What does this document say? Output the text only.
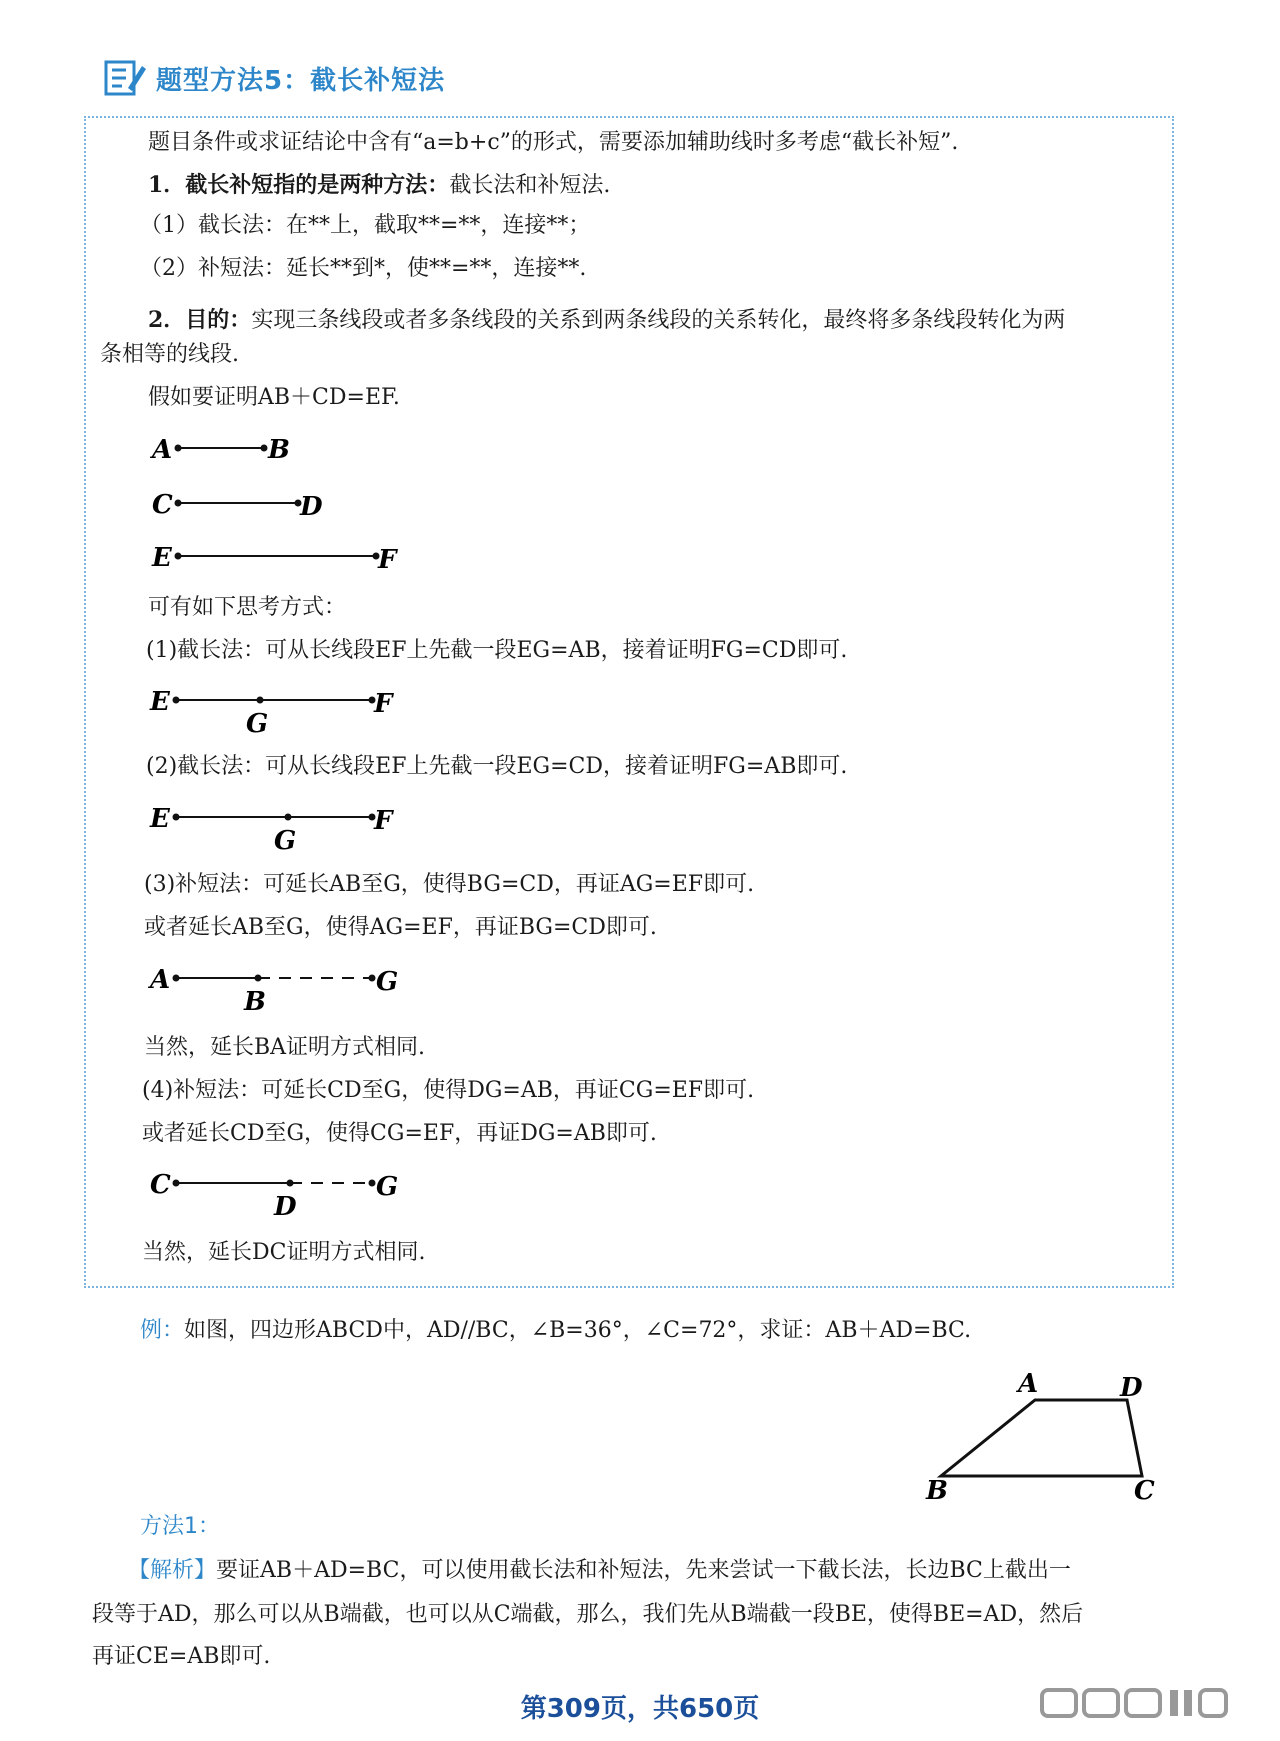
题型方法5：截长补短法
题目条件或求证结论中含有“a=b+c”的形式，需要添加辅助线时多考虑“截长补短”.
1．截长补短指的是两种方法：截长法和补短法.
（1）截长法：在**上，截取**=**，连接**；
（2）补短法：延长**到*，使**=**，连接**.
2．目的：实现三条线段或者多条线段的关系到两条线段的关系转化，最终将多条线段转化为两
条相等的线段.
假如要证明AB＋CD=EF.
A	B
C	D
E	F
可有如下思考方式：
(1)截长法：可从长线段EF上先截一段EG=AB，接着证明FG=CD即可.
E
G
F
(2)截长法：可从长线段EF上先截一段EG=CD，接着证明FG=AB即可.
E
G
F
(3)补短法：可延长AB至G，使得BG=CD，再证AG=EF即可.
或者延长AB至G，使得AG=EF，再证BG=CD即可.
A
B
G
当然，延长BA证明方式相同.
(4)补短法：可延长CD至G，使得DG=AB，再证CG=EF即可.
或者延长CD至G，使得CG=EF，再证DG=AB即可.
C
D
G
当然，延长DC证明方式相同.
例：如图，四边形ABCD中，AD//BC，∠B=36°，∠C=72°，求证：AB＋AD=BC.
A	D
B	C
方法1：
【解析】要证AB＋AD=BC，可以使用截长法和补短法，先来尝试一下截长法，长边BC上截出一
段等于AD，那么可以从B端截，也可以从C端截，那么，我们先从B端截一段BE，使得BE=AD，然后
再证CE=AB即可.
第309页，共650页
